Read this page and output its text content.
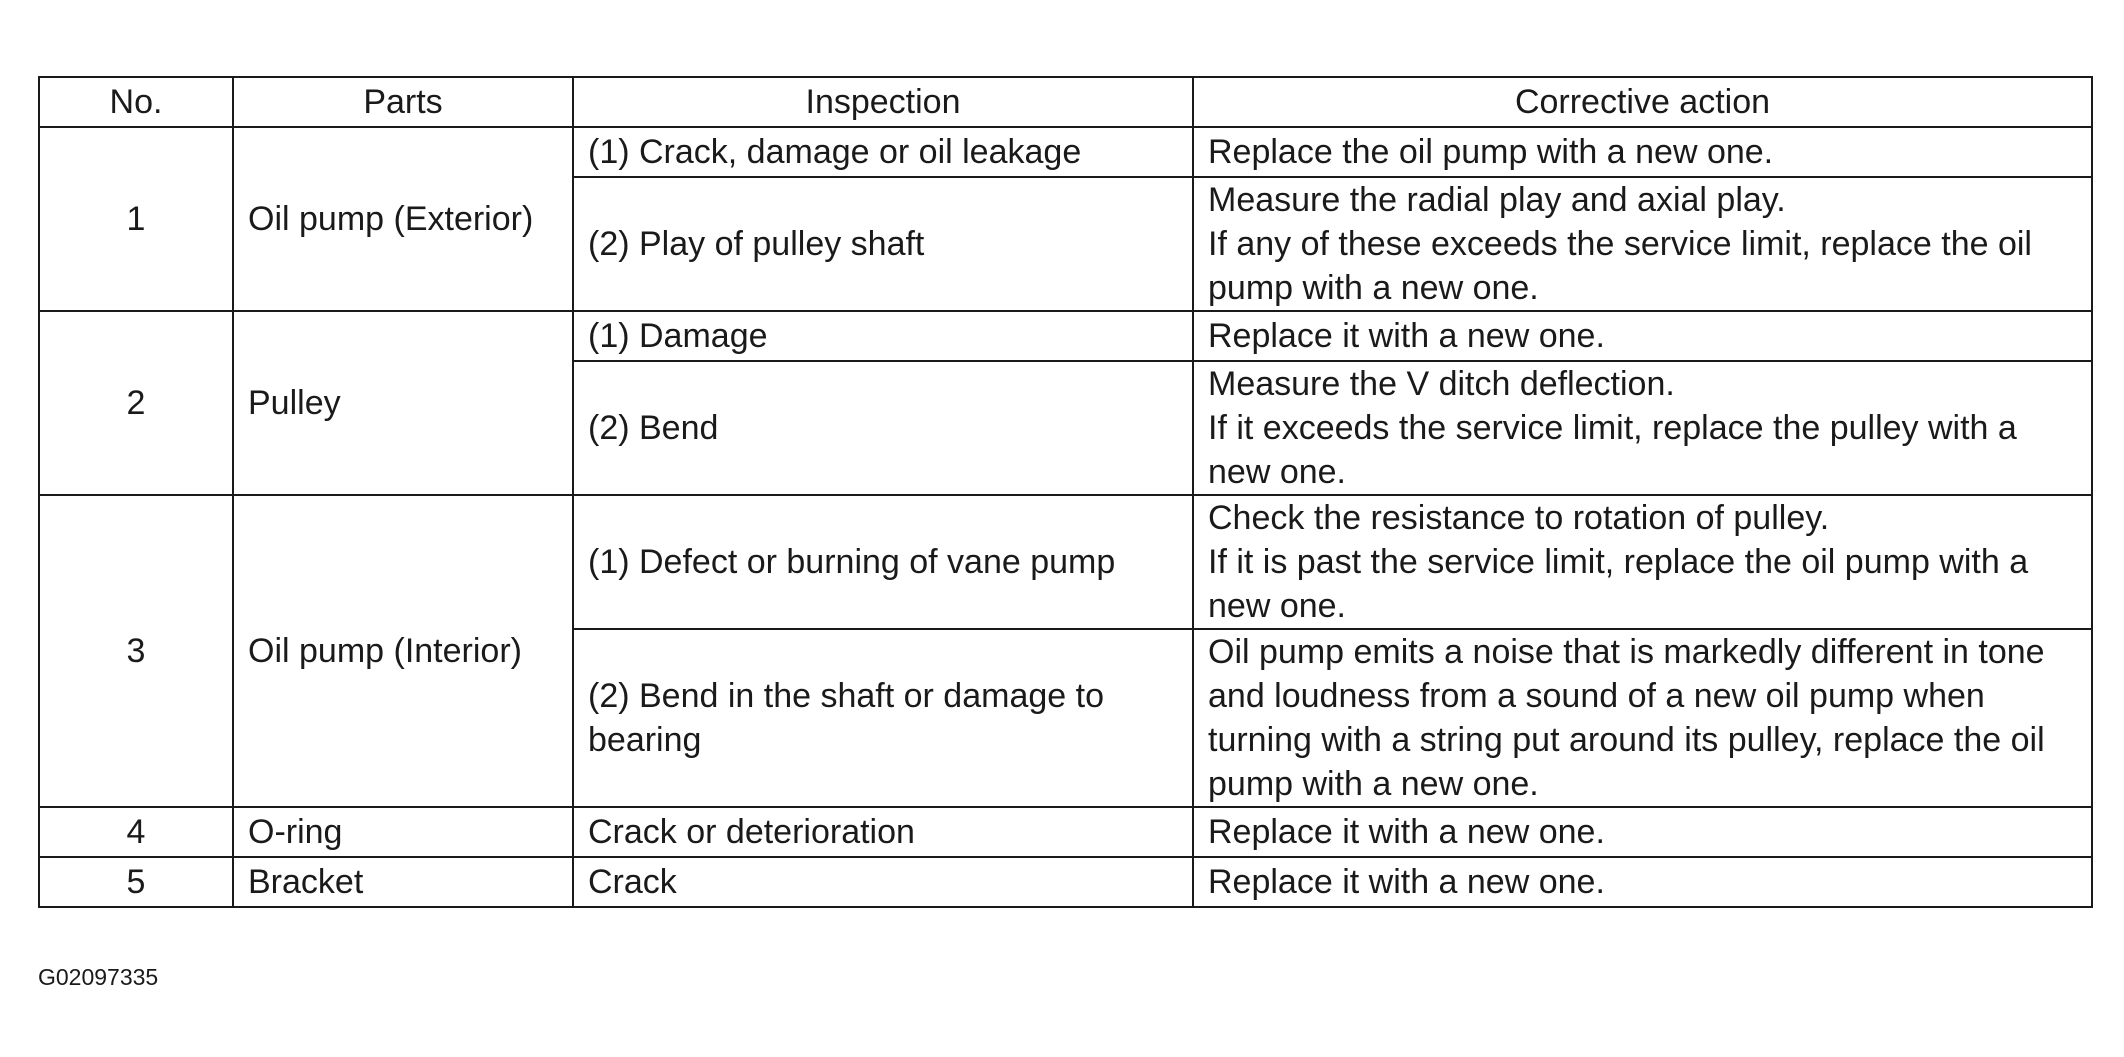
No.	Parts	Inspection	Corrective action
1	Oil pump (Exterior)	(1) Crack, damage or oil leakage	Replace the oil pump with a new one.

		(2) Play of pulley shaft	Measure the radial play and axial play.
If any of these exceeds the service limit, replace the oil pump with a new one.

2	Pulley	(1) Damage	Replace it with a new one.

		(2) Bend	Measure the V ditch deflection.
If it exceeds the service limit, replace the pulley with a new one.

3	Oil pump (Interior)	(1) Defect or burning of vane pump	Check the resistance to rotation of pulley.
If it is past the service limit, replace the oil pump with a new one.

		(2) Bend in the shaft or damage to bearing	Oil pump emits a noise that is markedly different in tone and loudness from a sound of a new oil pump when turning with a string put around its pulley, replace the oil pump with a new one.

4	O-ring	Crack or deterioration	Replace it with a new one.

5	Bracket	Crack	Replace it with a new one.
G02097335
